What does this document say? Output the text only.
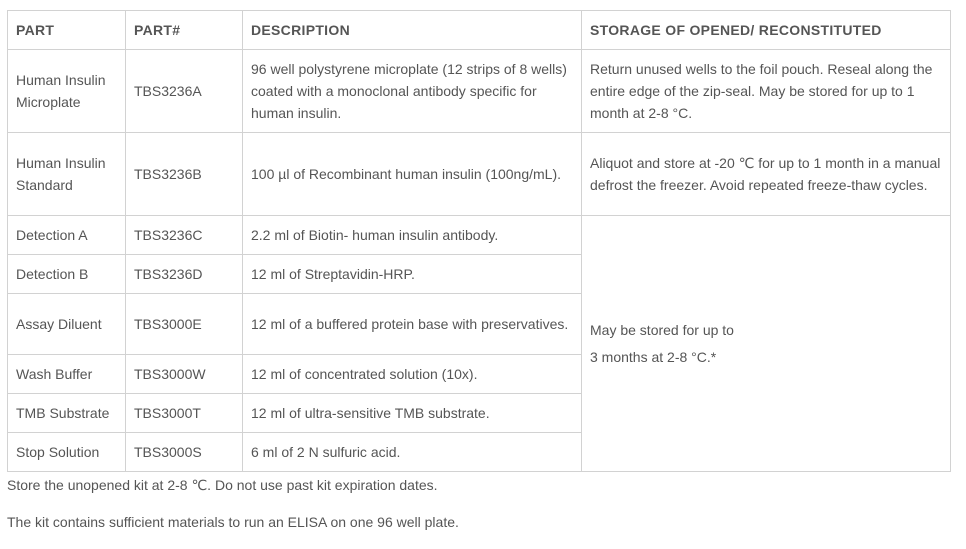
PART	PART#	DESCRIPTION	STORAGE OF OPENED/ RECONSTITUTED
Human Insulin Microplate	TBS3236A	96 well polystyrene microplate (12 strips of 8 wells) coated with a monoclonal antibody specific for human insulin.	Return unused wells to the foil pouch. Reseal along the entire edge of the zip-seal. May be stored for up to 1 month at 2-8 °C.
Human Insulin Standard	TBS3236B	100 µl of Recombinant human insulin (100ng/mL).	Aliquot and store at -20 ℃ for up to 1 month in a manual defrost the freezer. Avoid repeated freeze-thaw cycles.
Detection A	TBS3236C	2.2 ml of Biotin- human insulin antibody.	May be stored for up to
3 months at 2-8 °C.*

Detection B	TBS3236D	12 ml of Streptavidin-HRP.	
Assay Diluent	TBS3000E	12 ml of a buffered protein base with preservatives.	
Wash Buffer	TBS3000W	12 ml of concentrated solution (10x).	
TMB Substrate	TBS3000T	12 ml of ultra-sensitive TMB substrate.	
Stop Solution	TBS3000S	6 ml of 2 N sulfuric acid.	

Store the unopened kit at 2-8 ℃. Do not use past kit expiration dates.

The kit contains sufficient materials to run an ELISA on one 96 well plate.
